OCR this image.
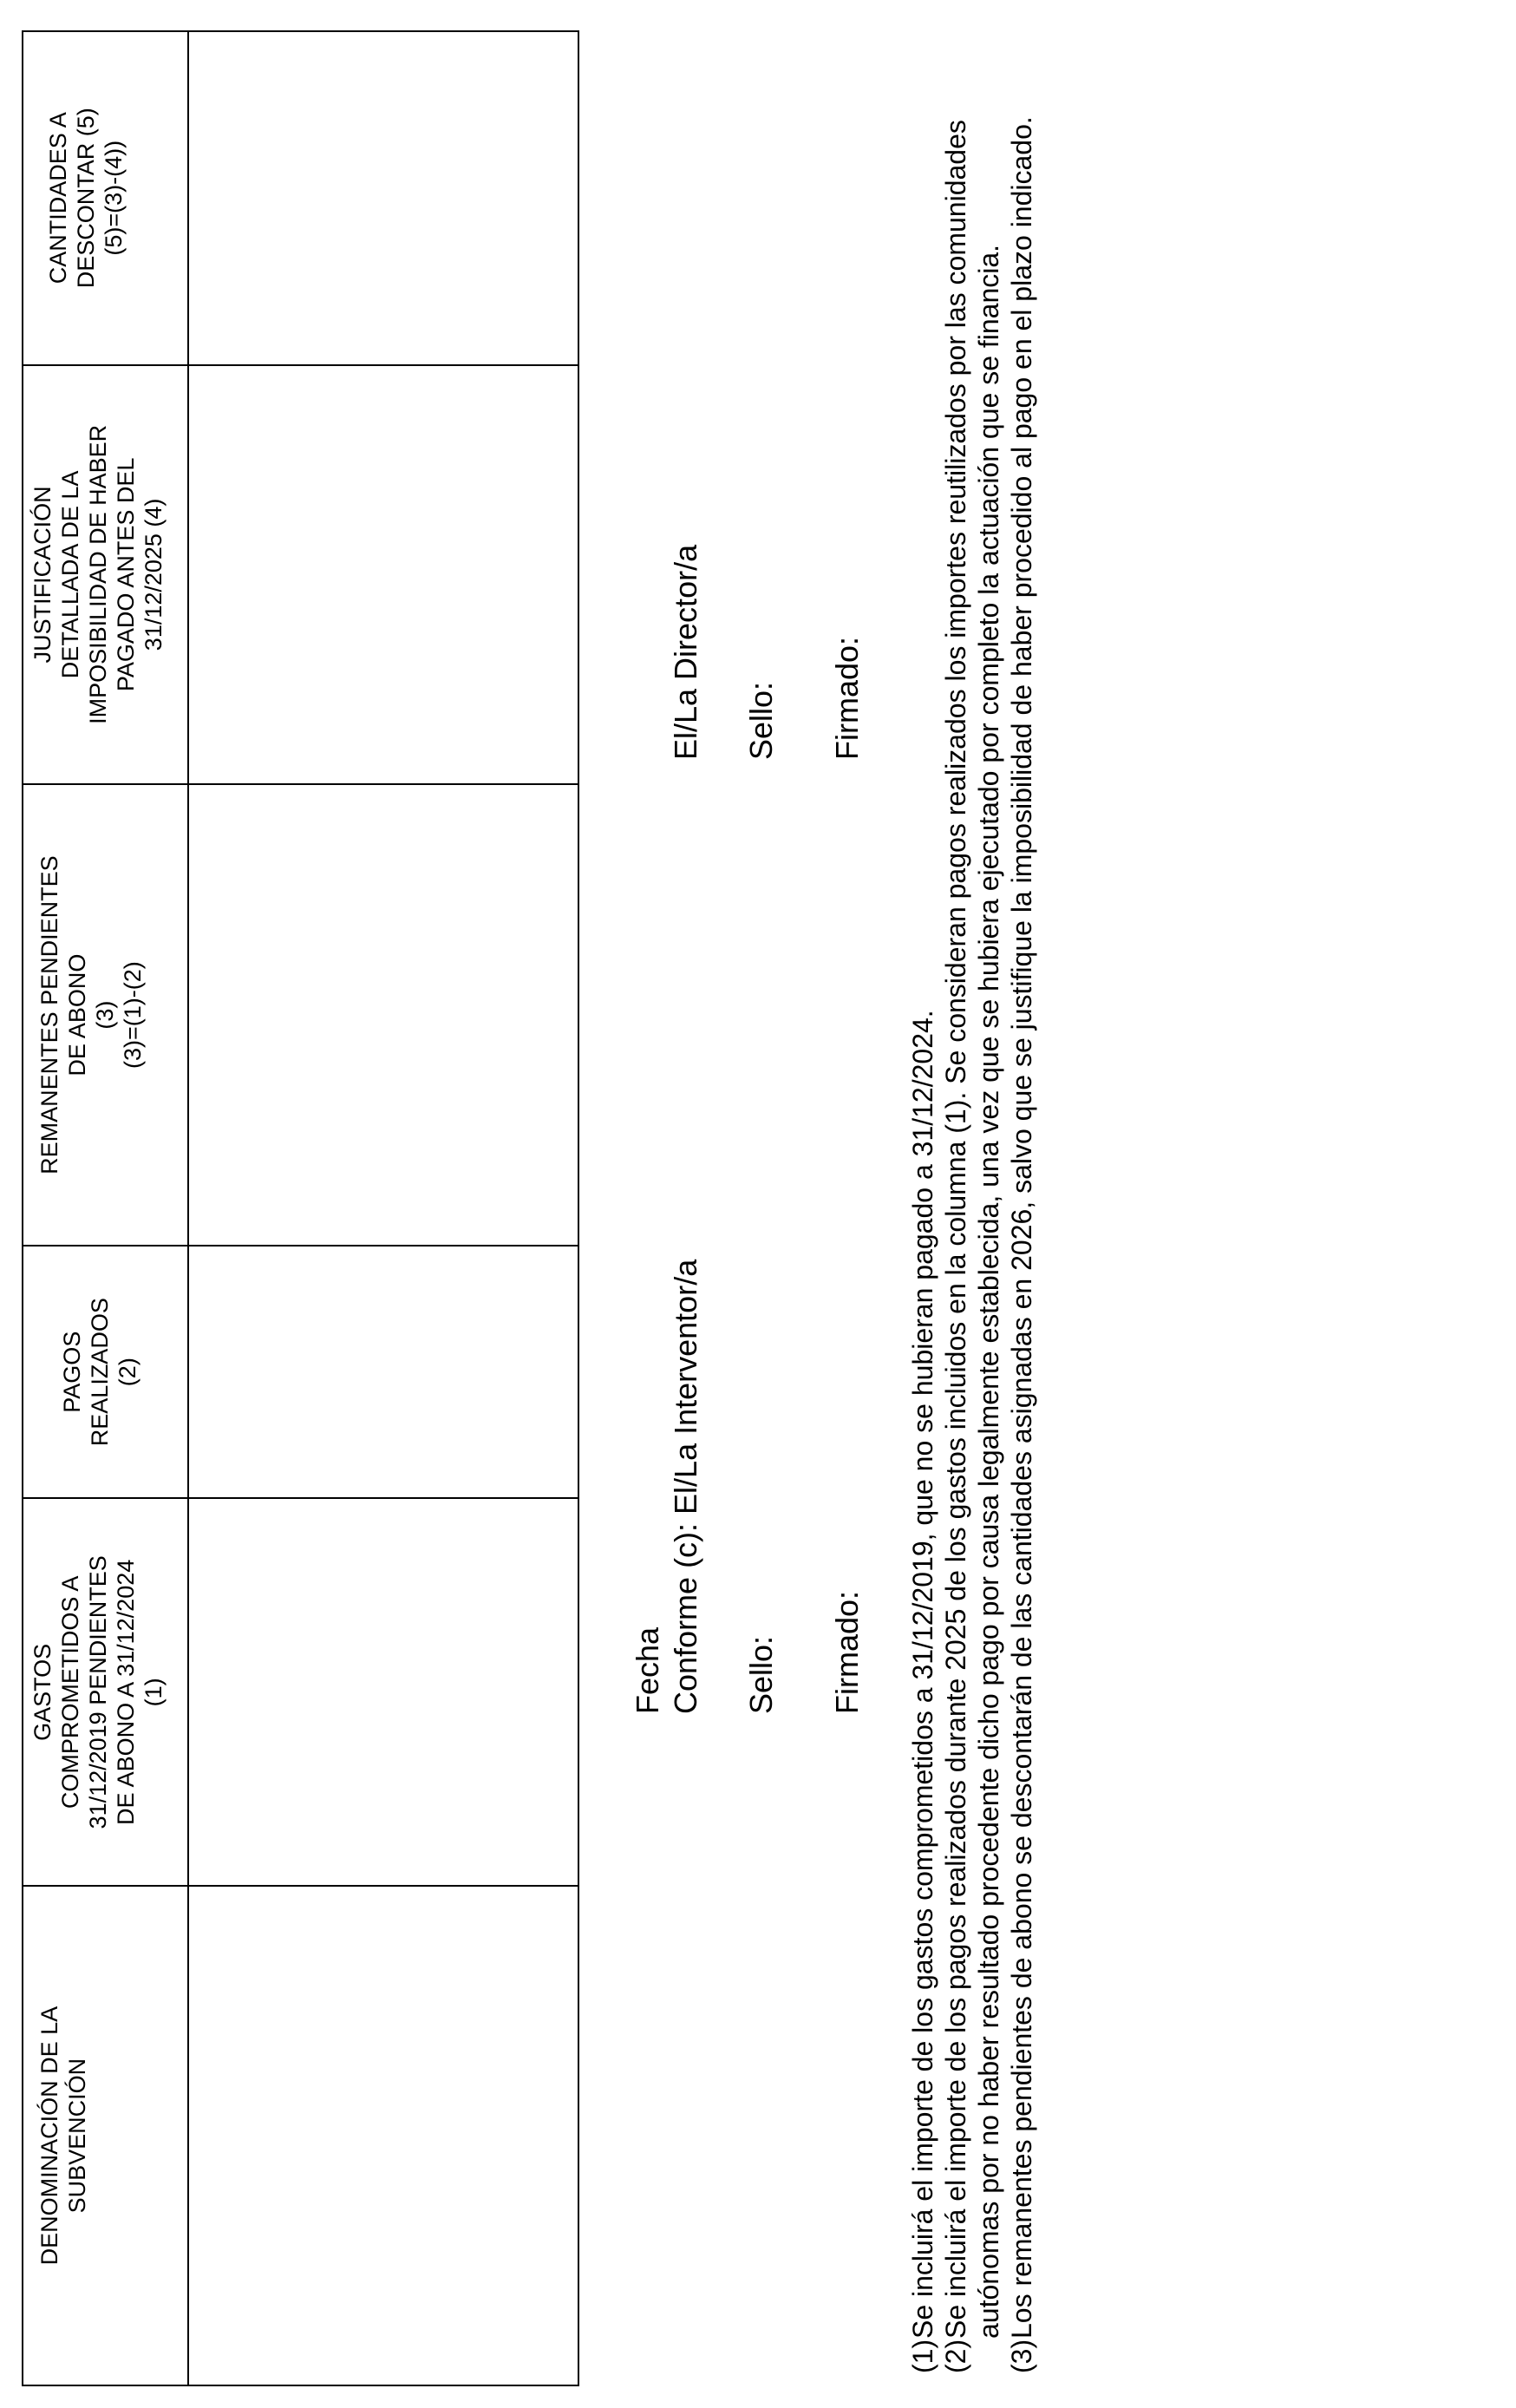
DENOMINACIÓN DE LA SUBVENCIÓN	GASTOS COMPROMETIDOS A 31/12/2019 PENDIENTES DE ABONO A 31/12/2024 (1)	PAGOS REALIZADOS (2)	REMANENTES PENDIENTES DE ABONO (3) (3)=(1)-(2)	JUSTIFICACIÓN DETALLADA DE LA IMPOSIBILIDAD DE HABER PAGADO ANTES DEL 31/12/2025 (4)	CANTIDADES A DESCONTAR (5) (5)=(3)-(4))

Fecha Conforme (c): El/La Interventor/a Sello: Firmado:
El/La Director/a Sello: Firmado:
(1)
Se incluirá el importe de los gastos comprometidos a 31/12/2019, que no se hubieran pagado a 31/12/2024.
(2)
Se incluirá el importe de los pagos realizados durante 2025 de los gastos incluidos en la columna (1). Se consideran pagos realizados los importes reutilizados por las comunidades autónomas por no haber resultado procedente dicho pago por causa legalmente establecida, una vez que se hubiera ejecutado por completo la actuación que se financia.
(3)
Los remanentes pendientes de abono se descontarán de las cantidades asignadas en 2026, salvo que se justifique la imposibilidad de haber procedido al pago en el plazo indicado.
